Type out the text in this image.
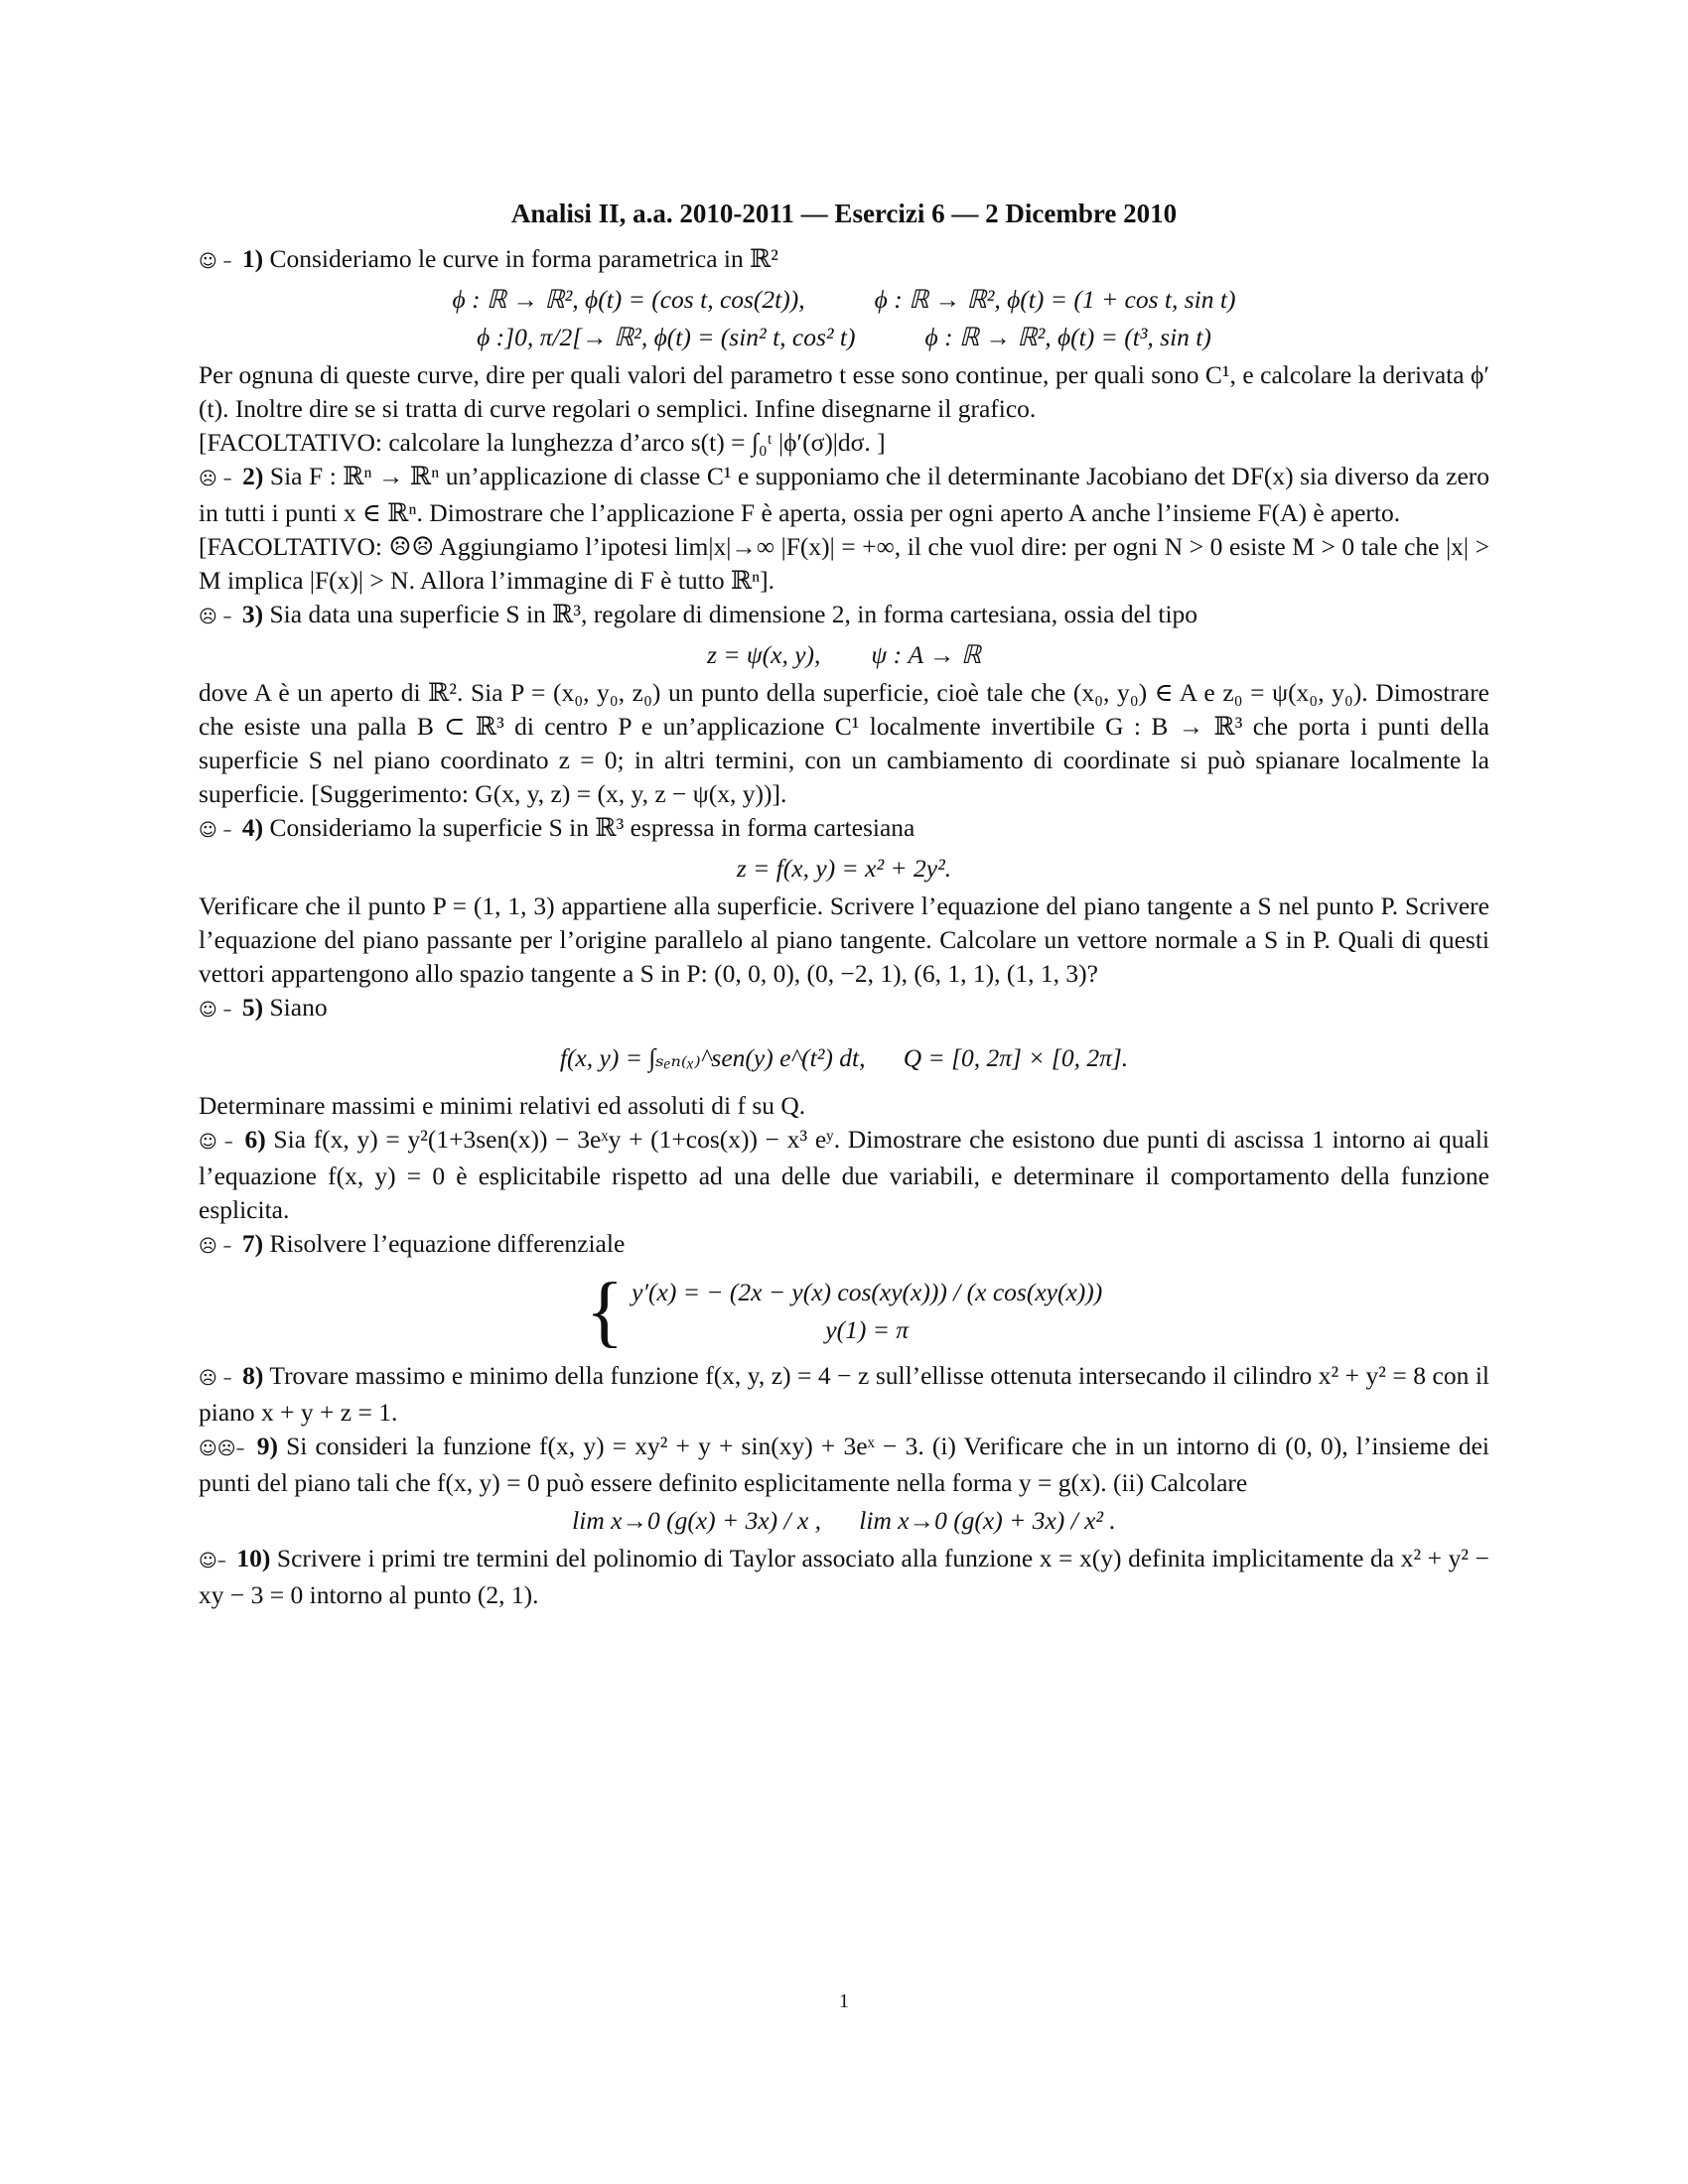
Analisi II, a.a. 2010-2011 — Esercizi 6 — 2 Dicembre 2010

☺ – 1) Consideriamo le curve in forma parametrica in ℝ²

ϕ : ℝ → ℝ², ϕ(t) = (cos t, cos(2t)),	ϕ : ℝ → ℝ², ϕ(t) = (1 + cos t, sin t)
ϕ :]0, π/2[→ ℝ², ϕ(t) = (sin² t, cos² t)	ϕ : ℝ → ℝ², ϕ(t) = (t³, sin t)

Per ognuna di queste curve, dire per quali valori del parametro t esse sono continue, per quali sono C¹, e calcolare la derivata ϕ′(t). Inoltre dire se si tratta di curve regolari o semplici. Infine disegnarne il grafico.

[FACOLTATIVO: calcolare la lunghezza d’arco s(t) = ∫₀ᵗ |ϕ′(σ)|dσ. ]

☹ – 2) Sia F : ℝⁿ → ℝⁿ un’applicazione di classe C¹ e supponiamo che il determinante Jacobiano det DF(x) sia diverso da zero in tutti i punti x ∈ ℝⁿ. Dimostrare che l’applicazione F è aperta, ossia per ogni aperto A anche l’insieme F(A) è aperto.

[FACOLTATIVO: ☹☹ Aggiungiamo l’ipotesi lim|x|→∞ |F(x)| = +∞, il che vuol dire: per ogni N > 0 esiste M > 0 tale che |x| > M implica |F(x)| > N. Allora l’immagine di F è tutto ℝⁿ].

☹ – 3) Sia data una superficie S in ℝ³, regolare di dimensione 2, in forma cartesiana, ossia del tipo

z = ψ(x, y),        ψ : A → ℝ

dove A è un aperto di ℝ². Sia P = (x₀, y₀, z₀) un punto della superficie, cioè tale che (x₀, y₀) ∈ A e z₀ = ψ(x₀, y₀). Dimostrare che esiste una palla B ⊂ ℝ³ di centro P e un’applicazione C¹ localmente invertibile G : B → ℝ³ che porta i punti della superficie S nel piano coordinato z = 0; in altri termini, con un cambiamento di coordinate si può spianare localmente la superficie. [Suggerimento: G(x, y, z) = (x, y, z − ψ(x, y))].

☺ – 4) Consideriamo la superficie S in ℝ³ espressa in forma cartesiana

z = f(x, y) = x² + 2y².

Verificare che il punto P = (1, 1, 3) appartiene alla superficie. Scrivere l’equazione del piano tangente a S nel punto P. Scrivere l’equazione del piano passante per l’origine parallelo al piano tangente. Calcolare un vettore normale a S in P. Quali di questi vettori appartengono allo spazio tangente a S in P: (0, 0, 0), (0, −2, 1), (6, 1, 1), (1, 1, 3)?

☺ – 5) Siano

f(x, y) = ∫ₛₑₙ₍ₓ₎^sen(y) e^(t²) dt,      Q = [0, 2π] × [0, 2π].

Determinare massimi e minimi relativi ed assoluti di f su Q.

☺ – 6) Sia f(x, y) = y²(1+3sen(x)) − 3eˣy + (1+cos(x)) − x³ eʸ. Dimostrare che esistono due punti di ascissa 1 intorno ai quali l’equazione f(x, y) = 0 è esplicitabile rispetto ad una delle due variabili, e determinare il comportamento della funzione esplicita.

☹ – 7) Risolvere l’equazione differenziale

{ y′(x) = − (2x − y(x) cos(xy(x))) / (x cos(xy(x)))
y(1) = π

☹ – 8) Trovare massimo e minimo della funzione f(x, y, z) = 4 − z sull’ellisse ottenuta intersecando il cilindro x² + y² = 8 con il piano x + y + z = 1.

☺☹– 9) Si consideri la funzione f(x, y) = xy² + y + sin(xy) + 3eˣ − 3. (i) Verificare che in un intorno di (0, 0), l’insieme dei punti del piano tali che f(x, y) = 0 può essere definito esplicitamente nella forma y = g(x). (ii) Calcolare

lim x→0 (g(x) + 3x) / x ,      lim x→0 (g(x) + 3x) / x² .

☺– 10) Scrivere i primi tre termini del polinomio di Taylor associato alla funzione x = x(y) definita implicitamente da x² + y² − xy − 3 = 0 intorno al punto (2, 1).

1
